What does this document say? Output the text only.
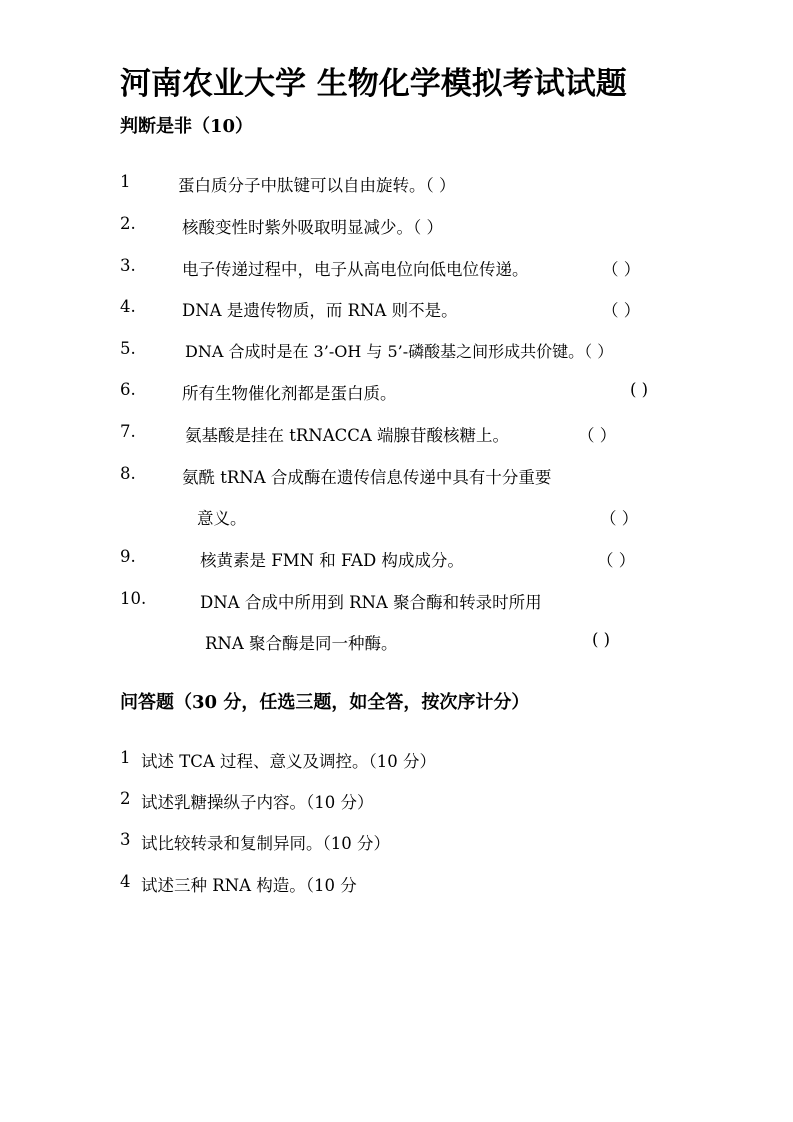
河南农业大学 生物化学模拟考试试题
判断是非（10）
1	蛋白质分子中肽键可以自由旋转。（ ）
2.	核酸变性时紫外吸取明显减少。（ ）
3.	电子传递过程中，电子从高电位向低电位传递。	（ ）
4.	DNA 是遗传物质，而 RNA 则不是。	（ ）
5.	DNA 合成时是在 3’-OH 与 5’-磷酸基之间形成共价键。（ ）
6.	所有生物催化剂都是蛋白质。	( )
7.	氨基酸是挂在 tRNACCA 端腺苷酸核糖上。	（ ）
8.	氨酰 tRNA 合成酶在遗传信息传递中具有十分重要
意义。	（ ）
9.	核黄素是 FMN 和 FAD 构成成分。	（ ）
10.	DNA 合成中所用到 RNA 聚合酶和转录时所用
RNA 聚合酶是同一种酶。	( )
问答题（30 分，任选三题，如全答，按次序计分）
1 试述 TCA 过程、意义及调控。（10 分）
2 试述乳糖操纵子内容。（10 分）
3 试比较转录和复制异同。（10 分）
4 试述三种 RNA 构造。（10 分
